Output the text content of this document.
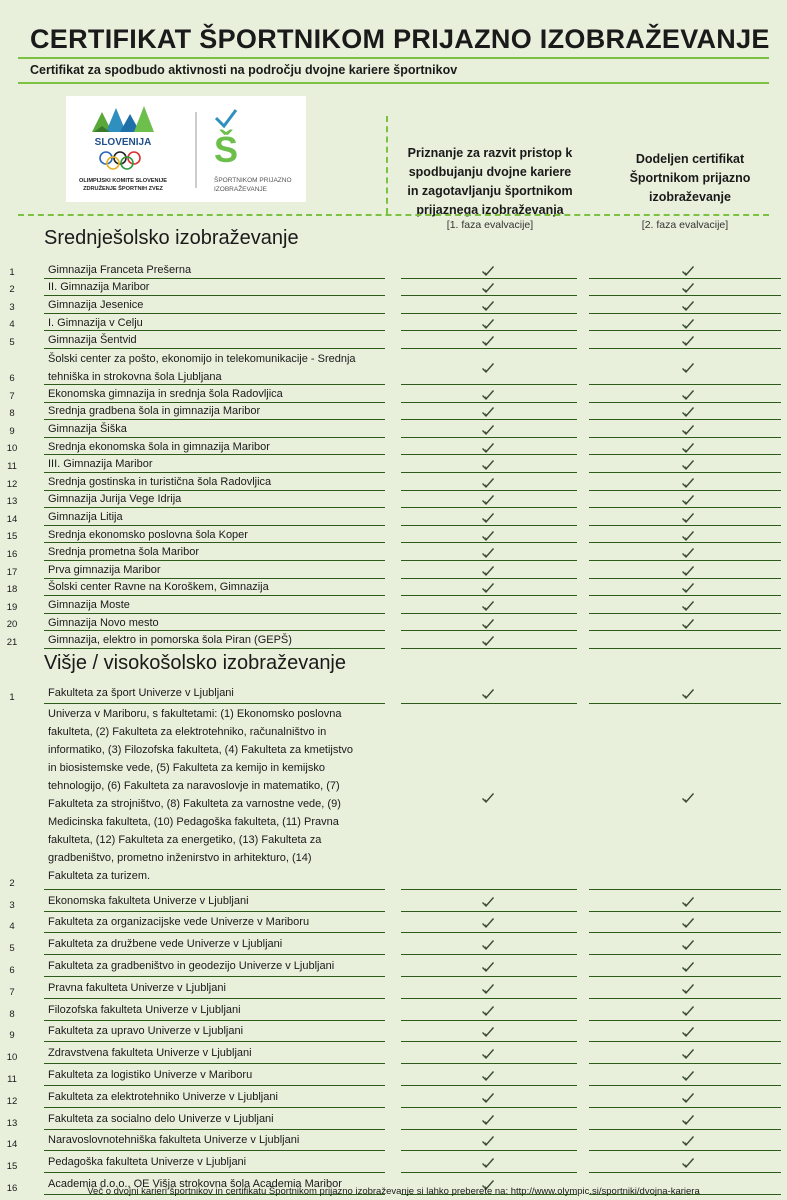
CERTIFIKAT ŠPORTNIKOM PRIJAZNO IZOBRAŽEVANJE
Certifikat za spodbudo aktivnosti na področju dvojne kariere športnikov
SLOVENIJA
OLIMPIJSKI KOMITE SLOVENIJE
ZDRUŽENJE ŠPORTNIH ZVEZ
Š
ŠPORTNIKOM PRIJAZNO
IZOBRAŽEVANJE
Priznanje za razvit pristop k
spodbujanju dvojne kariere
in zagotavljanju športnikom
prijaznega izobraževanja
Dodeljen certifikat
Športnikom prijazno
izobraževanje
[1. faza evalvacije]	[2. faza evalvacije]
Srednješolsko izobraževanje
1	Gimnazija Franceta Prešerna
2	II. Gimnazija Maribor
3	Gimnazija Jesenice
4	I. Gimnazija v Celju
5	Gimnazija Šentvid
6
Šolski center za pošto, ekonomijo in telekomunikacije - Srednja
tehniška in strokovna šola Ljubljana
7	Ekonomska gimnazija in srednja šola Radovljica
8	Srednja gradbena šola in gimnazija Maribor
9	Gimnazija Šiška
10	Srednja ekonomska šola in gimnazija Maribor
11	III. Gimnazija Maribor
12	Srednja gostinska in turistična šola Radovljica
13	Gimnazija Jurija Vege Idrija
14	Gimnazija Litija
15	Srednja ekonomsko poslovna šola Koper
16	Srednja prometna šola Maribor
17	Prva gimnazija Maribor
18	Šolski center Ravne na Koroškem, Gimnazija
19	Gimnazija Moste
20	Gimnazija Novo mesto
21	Gimnazija, elektro in pomorska šola Piran (GEPŠ)
Višje / visokošolsko izobraževanje
1	Fakulteta za šport Univerze v Ljubljani
2
Univerza v Mariboru, s fakultetami: (1) Ekonomsko poslovna
fakulteta, (2) Fakulteta za elektrotehniko, računalništvo in
informatiko, (3) Filozofska fakulteta, (4) Fakulteta za kmetijstvo
in biosistemske vede, (5) Fakulteta za kemijo in kemijsko
tehnologijo, (6) Fakulteta za naravoslovje in matematiko, (7)
Fakulteta za strojništvo, (8) Fakulteta za varnostne vede, (9)
Medicinska fakulteta, (10) Pedagoška fakulteta, (11) Pravna
fakulteta, (12) Fakulteta za energetiko, (13) Fakulteta za
gradbeništvo, prometno inženirstvo in arhitekturo, (14)
Fakulteta za turizem.
3	Ekonomska fakulteta Univerze v Ljubljani
4	Fakulteta za organizacijske vede Univerze v Mariboru
5	Fakulteta za družbene vede Univerze v Ljubljani
6	Fakulteta za gradbeništvo in geodezijo Univerze v Ljubljani
7	Pravna fakulteta Univerze v Ljubljani
8	Filozofska fakulteta Univerze v Ljubljani
9	Fakulteta za upravo Univerze v Ljubljani
10	Zdravstvena fakulteta Univerze v Ljubljani
11	Fakulteta za logistiko Univerze v Mariboru
12	Fakulteta za elektrotehniko Univerze v Ljubljani
13	Fakulteta za socialno delo Univerze v Ljubljani
14	Naravoslovnotehniška fakulteta Univerze v Ljubljani
15	Pedagoška fakulteta Univerze v Ljubljani
16	Academia d.o.o., OE Višja strokovna šola Academia Maribor
Več o dvojni karieri športnikov in certifikatu Športnikom prijazno izobraževanje si lahko preberete na: http://www.olympic.si/sportniki/dvojna-kariera
